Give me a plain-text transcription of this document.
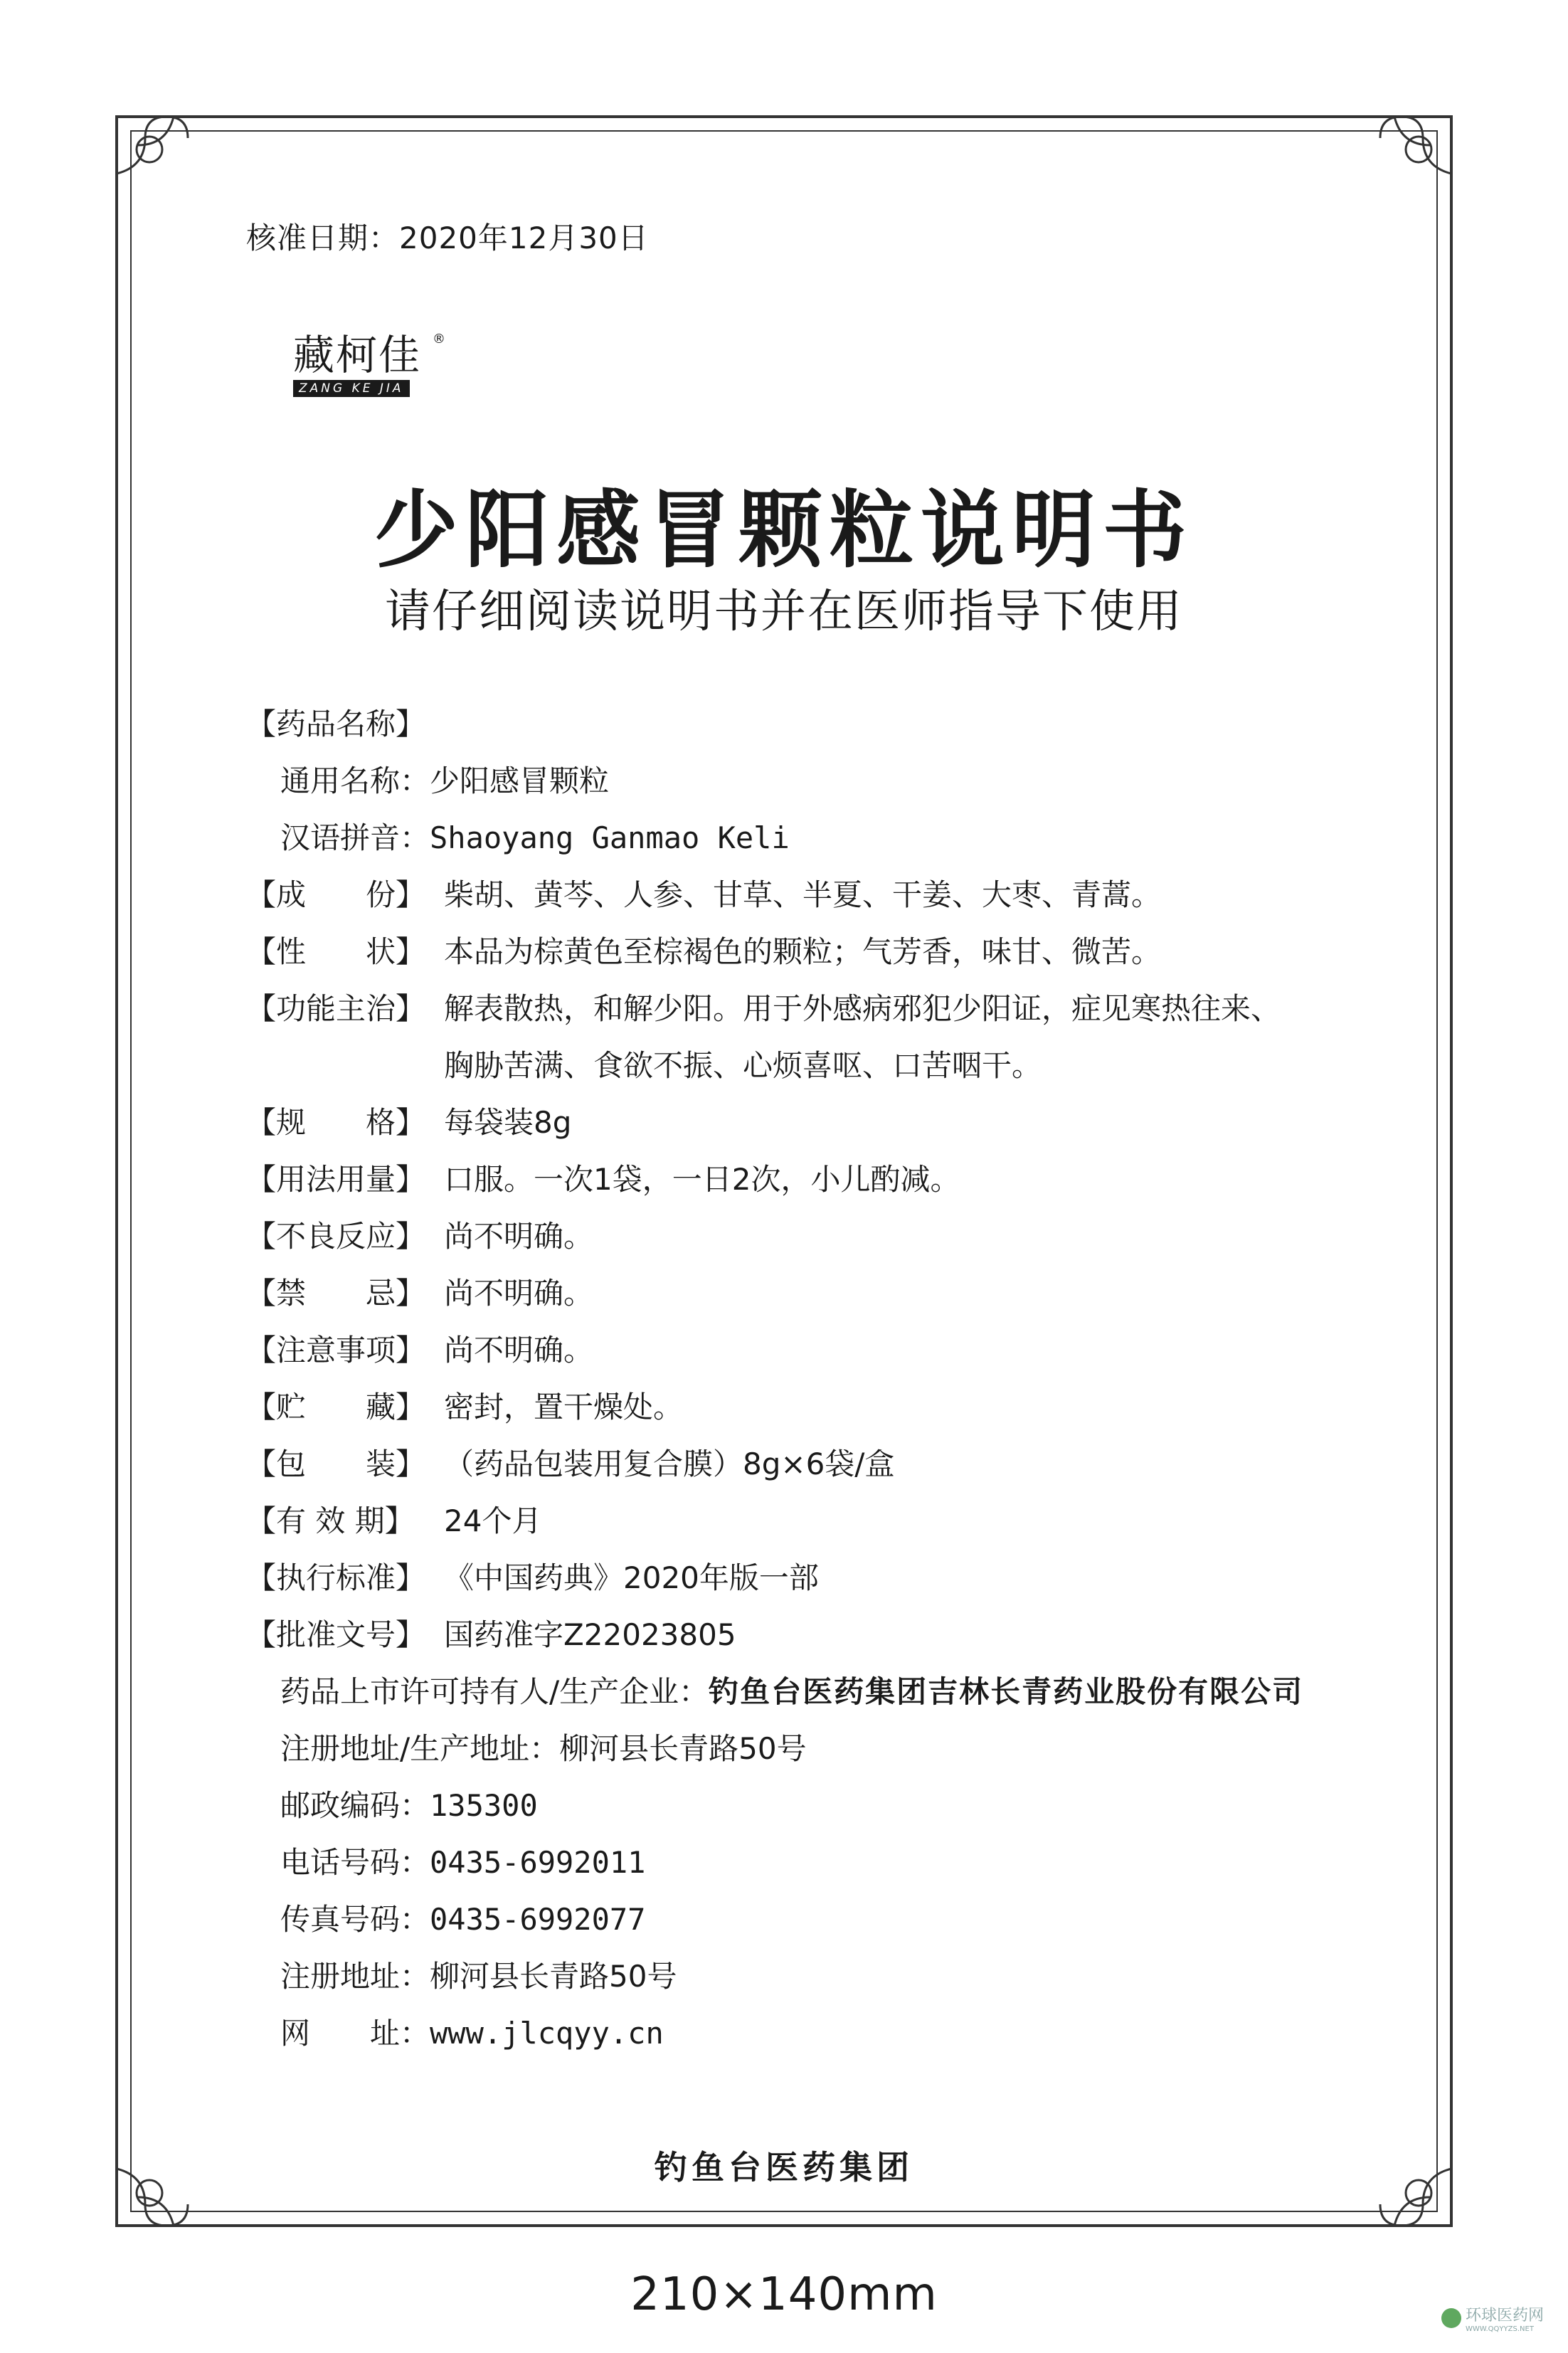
核准日期：2020年12月30日
藏柯佳 ®
ZANG KE JIA
少阳感冒颗粒说明书
请仔细阅读说明书并在医师指导下使用
【药品名称】
通用名称： 少阳感冒颗粒
汉语拼音： Shaoyang Ganmao Keli
【成　　份】 柴胡、黄芩、人参、甘草、半夏、干姜、大枣、青蒿。
【性　　状】 本品为棕黄色至棕褐色的颗粒；气芳香，味甘、微苦。
【功能主治】 解表散热，和解少阳。用于外感病邪犯少阳证，症见寒热往来、
胸胁苦满、食欲不振、心烦喜呕、口苦咽干。
【规　　格】 每袋装8g
【用法用量】 口服。一次1袋，一日2次，小儿酌减。
【不良反应】 尚不明确。
【禁　　忌】 尚不明确。
【注意事项】 尚不明确。
【贮　　藏】 密封，置干燥处。
【包　　装】 （药品包装用复合膜）8g×6袋/盒
【有 效 期】 24个月
【执行标准】 《中国药典》2020年版一部
【批准文号】 国药准字Z22023805
药品上市许可持有人/生产企业： 钓鱼台医药集团吉林长青药业股份有限公司
注册地址/生产地址： 柳河县长青路50号
邮政编码： 135300
电话号码： 0435-6992011
传真号码： 0435-6992077
注册地址： 柳河县长青路50号
网　　址： www.jlcqyy.cn
钓鱼台医药集团
210×140mm	环球医药网
WWW.QQYYZS.NET
